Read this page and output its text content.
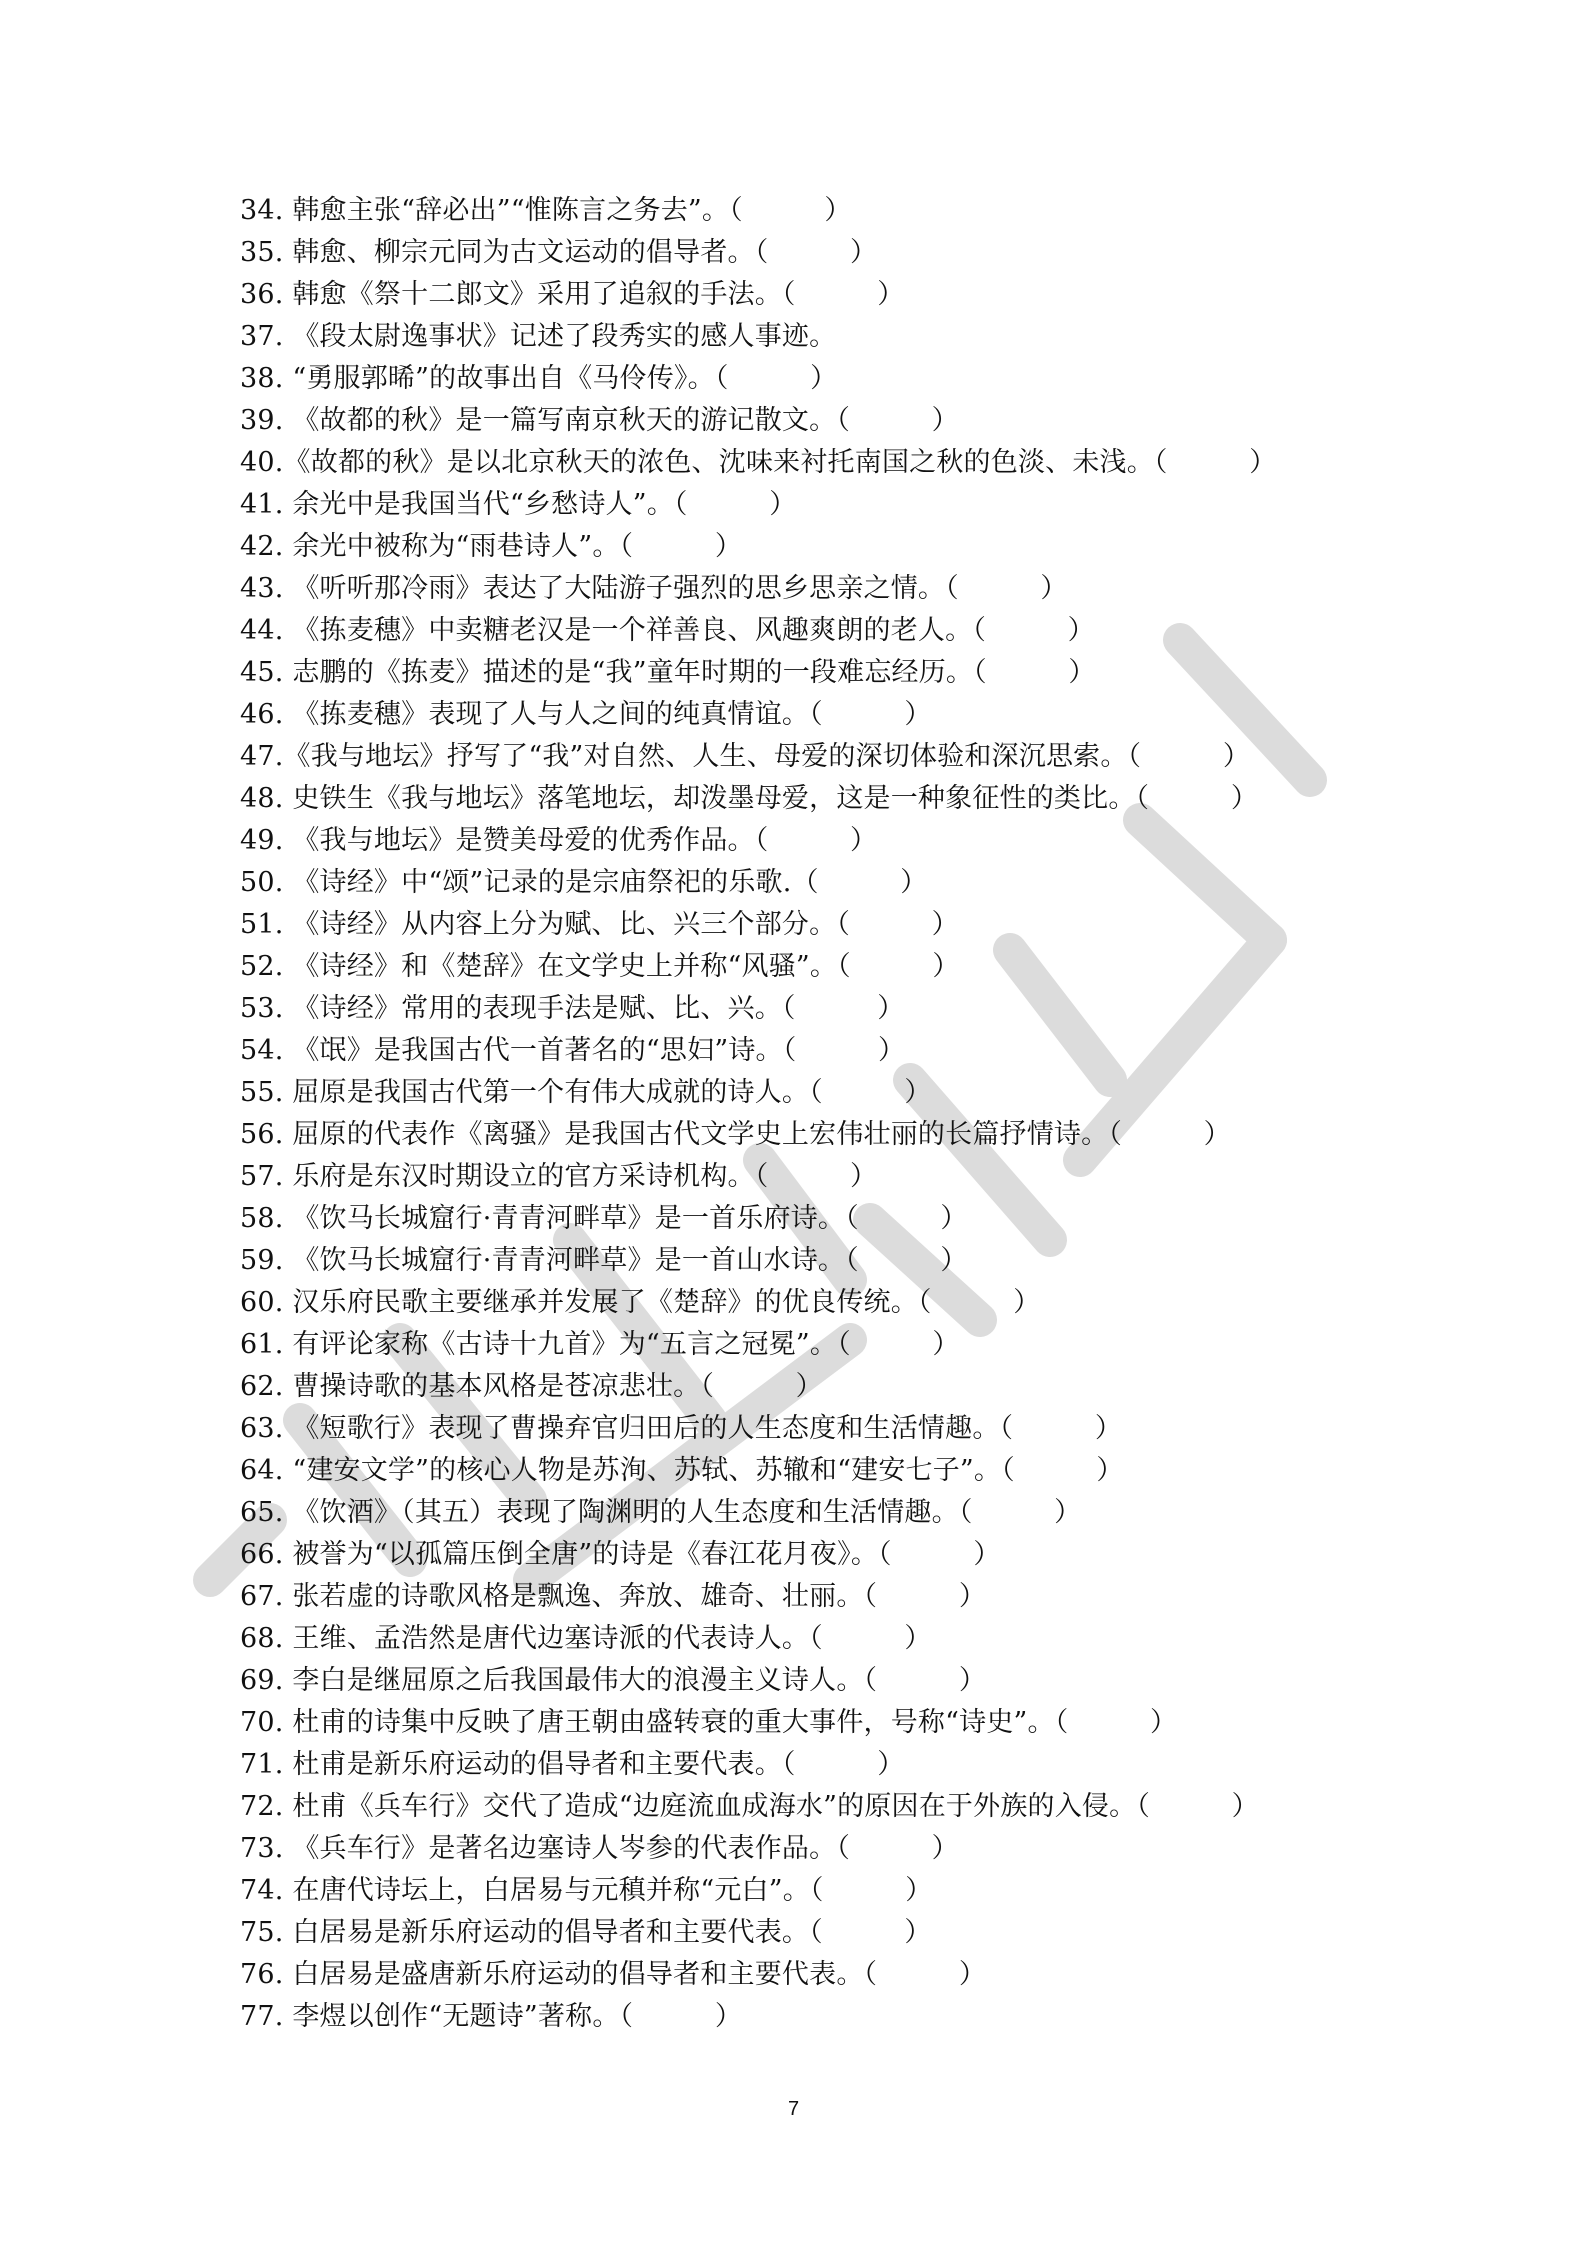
34. 韩愈主张“辞必出”“惟陈言之务去”。（　　　）
35. 韩愈、柳宗元同为古文运动的倡导者。（　　　）
36. 韩愈《祭十二郎文》采用了追叙的手法。（　　　）
37. 《段太尉逸事状》记述了段秀实的感人事迹。
38. “勇服郭晞”的故事出自《马伶传》。（　　　）
39. 《故都的秋》是一篇写南京秋天的游记散文。（　　　）
40.《故都的秋》是以北京秋天的浓色、沈味来衬托南国之秋的色淡、未浅。（　　　）
41. 余光中是我国当代“乡愁诗人”。（　　　）
42. 余光中被称为“雨巷诗人”。（　　　）
43. 《听听那冷雨》表达了大陆游子强烈的思乡思亲之情。（　　　）
44. 《拣麦穗》中卖糖老汉是一个祥善良、风趣爽朗的老人。（　　　）
45. 志鹏的《拣麦》描述的是“我”童年时期的一段难忘经历。（　　　）
46. 《拣麦穗》表现了人与人之间的纯真情谊。（　　　）
47.《我与地坛》抒写了“我”对自然、人生、母爱的深切体验和深沉思索。（　　　）
48. 史铁生《我与地坛》落笔地坛，却泼墨母爱，这是一种象征性的类比。（　　　）
49. 《我与地坛》是赞美母爱的优秀作品。（　　　）
50. 《诗经》中“颂”记录的是宗庙祭祀的乐歌.（　　　）
51. 《诗经》从内容上分为赋、比、兴三个部分。（　　　）
52. 《诗经》和《楚辞》在文学史上并称“风骚”。（　　　）
53. 《诗经》常用的表现手法是赋、比、兴。（　　　）
54. 《氓》是我国古代一首著名的“思妇”诗。（　　　）
55. 屈原是我国古代第一个有伟大成就的诗人。（　　　）
56. 屈原的代表作《离骚》是我国古代文学史上宏伟壮丽的长篇抒情诗。（　　　）
57. 乐府是东汉时期设立的官方采诗机构。（　　　）
58. 《饮马长城窟行·青青河畔草》是一首乐府诗。（　　　）
59. 《饮马长城窟行·青青河畔草》是一首山水诗。（　　　）
60. 汉乐府民歌主要继承并发展了《楚辞》的优良传统。（　　　）
61. 有评论家称《古诗十九首》为“五言之冠冕”。（　　　）
62. 曹操诗歌的基本风格是苍凉悲壮。（　　　）
63. 《短歌行》表现了曹操弃官归田后的人生态度和生活情趣。（　　　）
64. “建安文学”的核心人物是苏洵、苏轼、苏辙和“建安七子”。（　　　）
65. 《饮酒》（其五）表现了陶渊明的人生态度和生活情趣。（　　　）
66. 被誉为“以孤篇压倒全唐”的诗是《春江花月夜》。（　　　）
67. 张若虚的诗歌风格是飘逸、奔放、雄奇、壮丽。（　　　）
68. 王维、孟浩然是唐代边塞诗派的代表诗人。（　　　）
69. 李白是继屈原之后我国最伟大的浪漫主义诗人。（　　　）
70. 杜甫的诗集中反映了唐王朝由盛转衰的重大事件，号称“诗史”。（　　　）
71. 杜甫是新乐府运动的倡导者和主要代表。（　　　）
72. 杜甫《兵车行》交代了造成“边庭流血成海水”的原因在于外族的入侵。（　　　）
73. 《兵车行》是著名边塞诗人岑参的代表作品。（　　　）
74. 在唐代诗坛上，白居易与元稹并称“元白”。（　　　）
75. 白居易是新乐府运动的倡导者和主要代表。（　　　）
76. 白居易是盛唐新乐府运动的倡导者和主要代表。（　　　）
77. 李煜以创作“无题诗”著称。（　　　）
7
